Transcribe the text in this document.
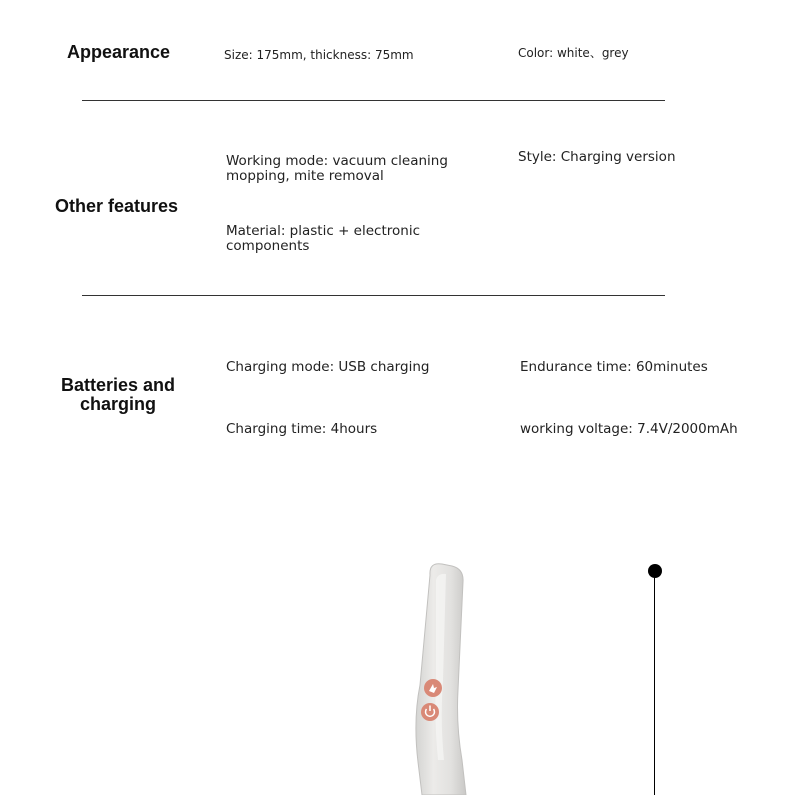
Appearance	Size: 175mm, thickness: 75mm	Color: white、grey
Other features
Working mode: vacuum cleaning
mopping, mite removal
Material: plastic + electronic
components
Style: Charging version
Batteries and
charging
Charging mode: USB charging
Charging time: 4hours
Endurance time: 60minutes
working voltage: 7.4V/2000mAh
